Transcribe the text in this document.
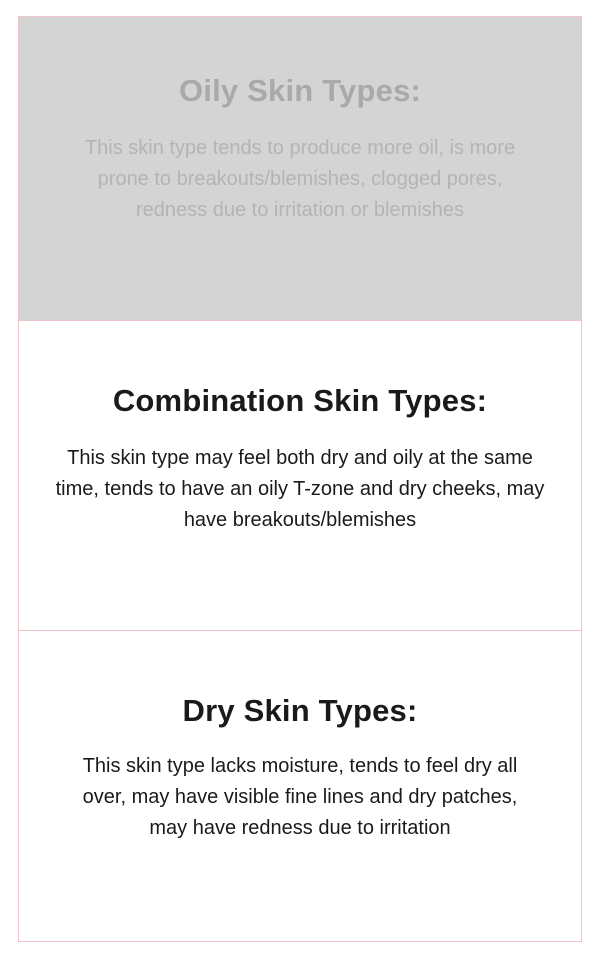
Oily Skin Types:

This skin type tends to produce more oil, is more prone to breakouts/blemishes, clogged pores, redness due to irritation or blemishes

Combination Skin Types:

This skin type may feel both dry and oily at the same time, tends to have an oily T-zone and dry cheeks, may have breakouts/blemishes

Dry Skin Types:

This skin type lacks moisture, tends to feel dry all over, may have visible fine lines and dry patches, may have redness due to irritation
